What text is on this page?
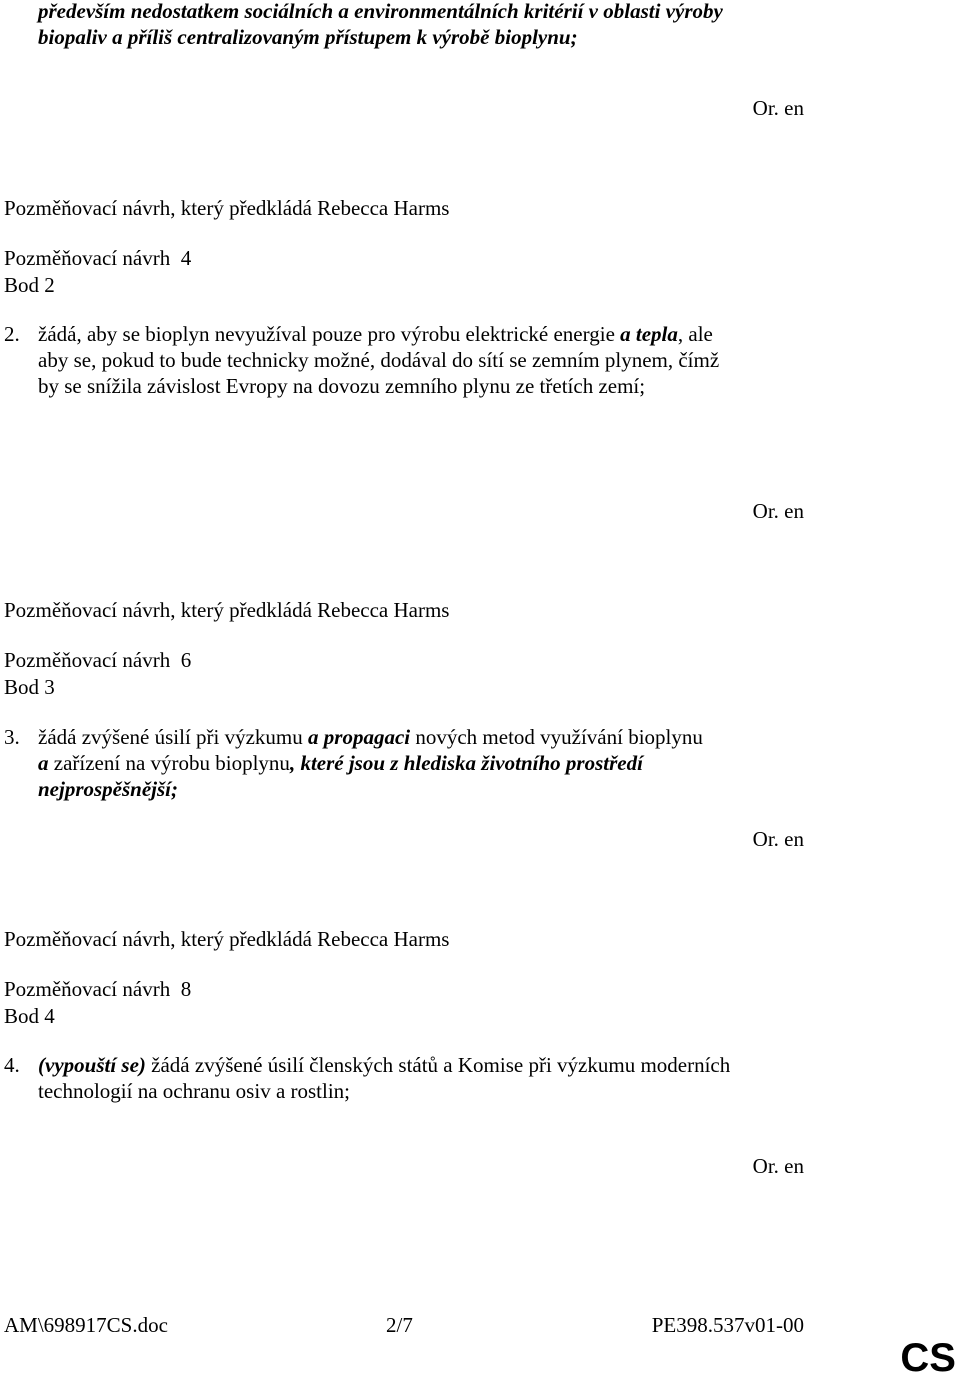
především nedostatkem sociálních a environmentálních kritérií v oblasti výroby
biopaliv a příliš centralizovaným přístupem k výrobě bioplynu;
Or. en
Pozměňovací návrh, který předkládá Rebecca Harms
Pozměňovací návrh 4
Bod 2
2. žádá, aby se bioplyn nevyužíval pouze pro výrobu elektrické energie a tepla, ale
aby se, pokud to bude technicky možné, dodával do sítí se zemním plynem, čímž
by se snížila závislost Evropy na dovozu zemního plynu ze třetích zemí;
Or. en
Pozměňovací návrh, který předkládá Rebecca Harms
Pozměňovací návrh 6
Bod 3
3. žádá zvýšené úsilí při výzkumu a propagaci nových metod využívání bioplynu
a zařízení na výrobu bioplynu, které jsou z hlediska životního prostředí
nejprospěšnější;
Or. en
Pozměňovací návrh, který předkládá Rebecca Harms
Pozměňovací návrh 8
Bod 4
4. (vypouští se) žádá zvýšené úsilí členských států a Komise při výzkumu moderních
technologií na ochranu osiv a rostlin;
Or. en
AM\698917CS.doc	2/7	PE398.537v01-00
CS
